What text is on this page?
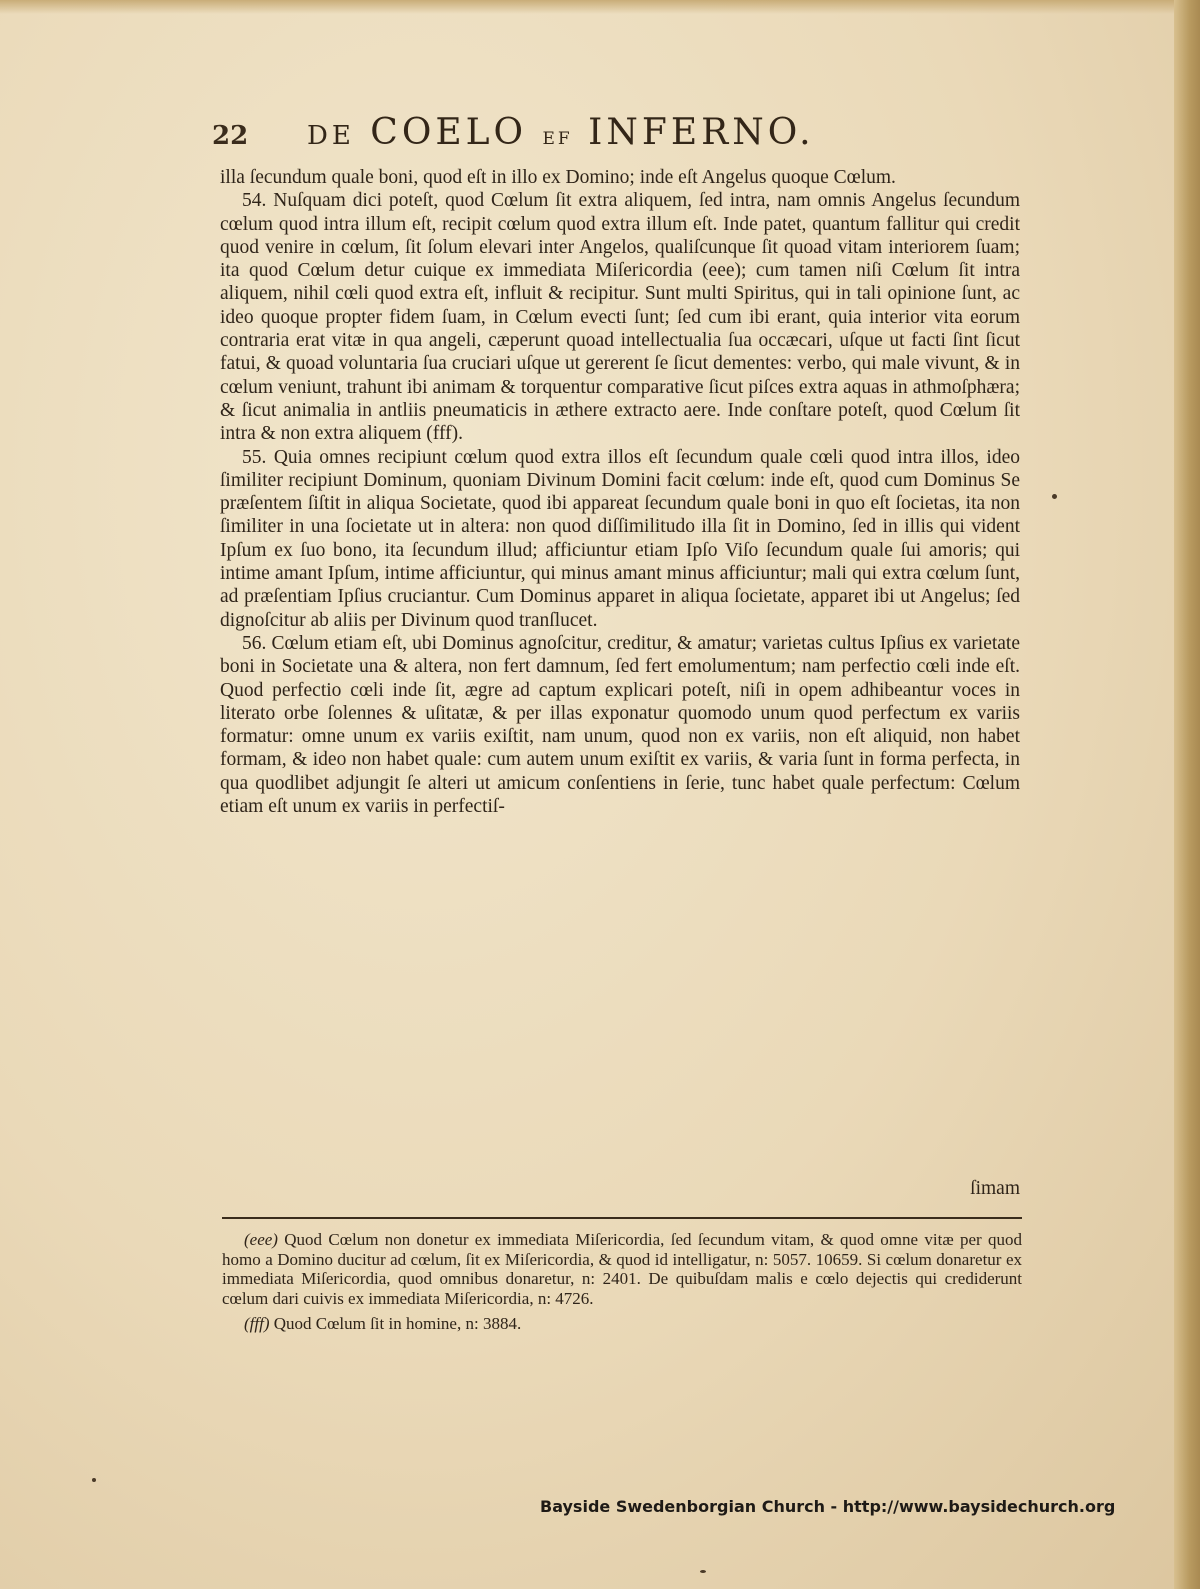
22	DE COELO EF INFERNO.

illa ſecundum quale boni, quod eſt in illo ex Domino; inde eſt Angelus quoque Cœlum.

54. Nuſquam dici poteſt, quod Cœlum ſit extra aliquem, ſed intra, nam omnis Angelus ſecundum cœlum quod intra illum eſt, recipit cœlum quod extra illum eſt. Inde patet, quantum fallitur qui credit quod venire in cœlum, ſit ſolum elevari inter Angelos, qualiſcunque ſit quoad vitam interiorem ſuam; ita quod Cœlum detur cuique ex immediata Miſericordia (eee); cum tamen niſi Cœlum ſit intra aliquem, nihil cœli quod extra eſt, influit & recipitur. Sunt multi Spiritus, qui in tali opinione ſunt, ac ideo quoque propter fidem ſuam, in Cœlum evecti ſunt; ſed cum ibi erant, quia interior vita eorum contraria erat vitæ in qua angeli, cæperunt quoad intellectualia ſua occæcari, uſque ut facti ſint ſicut fatui, & quoad voluntaria ſua cruciari uſque ut gererent ſe ſicut dementes: verbo, qui male vivunt, & in cœlum veniunt, trahunt ibi animam & torquentur comparative ſicut piſces extra aquas in athmoſphæra; & ſicut animalia in antliis pneumaticis in æthere extracto aere. Inde conſtare poteſt, quod Cœlum ſit intra & non extra aliquem (fff).

55. Quia omnes recipiunt cœlum quod extra illos eſt ſecundum quale cœli quod intra illos, ideo ſimiliter recipiunt Dominum, quoniam Divinum Domini facit cœlum: inde eſt, quod cum Dominus Se præſentem ſiſtit in aliqua Societate, quod ibi appareat ſecundum quale boni in quo eſt ſocietas, ita non ſimiliter in una ſocietate ut in altera: non quod diſſimilitudo illa ſit in Domino, ſed in illis qui vident Ipſum ex ſuo bono, ita ſecundum illud; afficiuntur etiam Ipſo Viſo ſecundum quale ſui amoris; qui intime amant Ipſum, intime afficiuntur, qui minus amant minus afficiuntur; mali qui extra cœlum ſunt, ad præſentiam Ipſius cruciantur. Cum Dominus apparet in aliqua ſocietate, apparet ibi ut Angelus; ſed dignoſcitur ab aliis per Divinum quod tranſlucet.

56. Cœlum etiam eſt, ubi Dominus agnoſcitur, creditur, & amatur; varietas cultus Ipſius ex varietate boni in Societate una & altera, non fert damnum, ſed fert emolumentum; nam perfectio cœli inde eſt. Quod perfectio cœli inde ſit, ægre ad captum explicari poteſt, niſi in opem adhibeantur voces in literato orbe ſolennes & uſitatæ, & per illas exponatur quomodo unum quod perfectum ex variis formatur: omne unum ex variis exiſtit, nam unum, quod non ex variis, non eſt aliquid, non habet formam, & ideo non habet quale: cum autem unum exiſtit ex variis, & varia ſunt in forma perfecta, in qua quodlibet adjungit ſe alteri ut amicum conſentiens in ſerie, tunc habet quale perfectum: Cœlum etiam eſt unum ex variis in perfectiſ-

ſimam

(eee) Quod Cœlum non donetur ex immediata Miſericordia, ſed ſecundum vitam, & quod omne vitæ per quod homo a Domino ducitur ad cœlum, ſit ex Miſericordia, & quod id intelligatur, n: 5057. 10659. Si cœlum donaretur ex immediata Miſericordia, quod omnibus donaretur, n: 2401. De quibuſdam malis e cœlo dejectis qui crediderunt cœlum dari cuivis ex immediata Miſericordia, n: 4726.

(fff) Quod Cœlum ſit in homine, n: 3884.

Bayside Swedenborgian Church - http://www.baysidechurch.org
